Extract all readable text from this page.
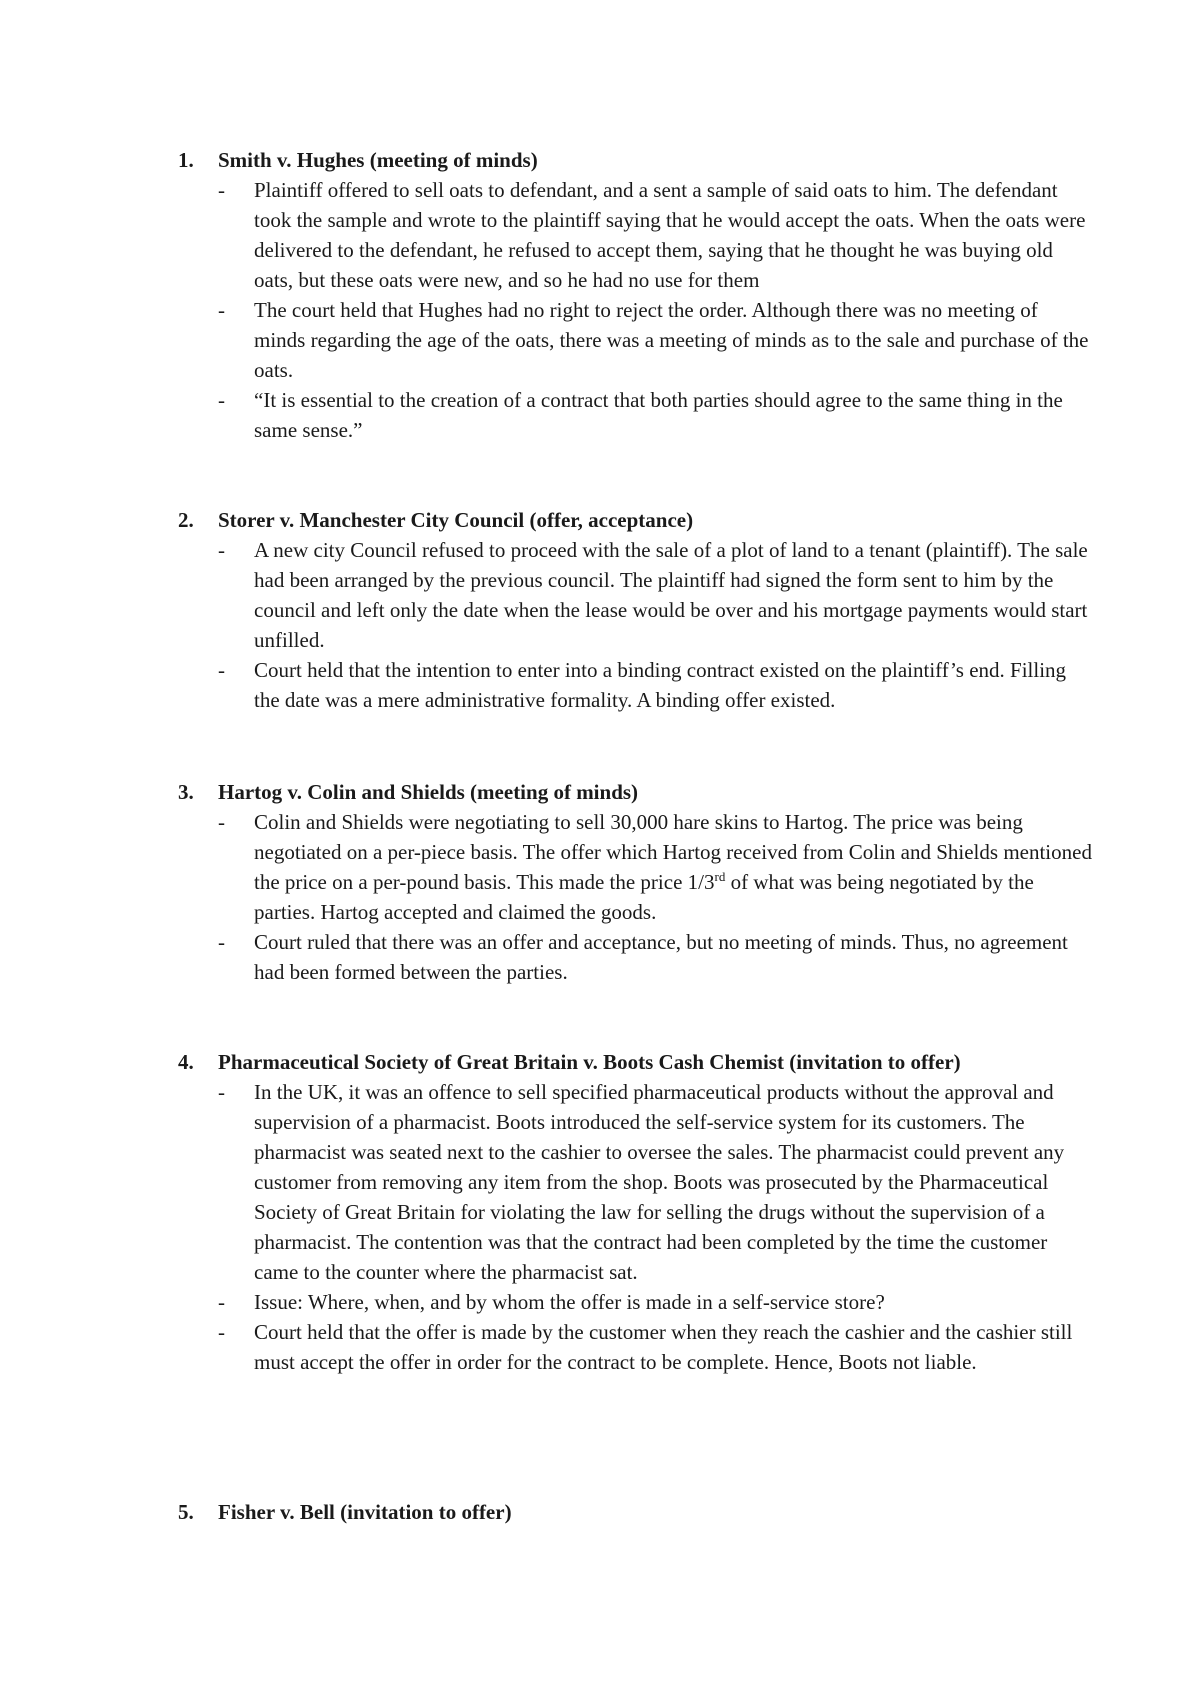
1. Smith v. Hughes (meeting of minds)
- Plaintiff offered to sell oats to defendant, and a sent a sample of said oats to him. The defendant took the sample and wrote to the plaintiff saying that he would accept the oats. When the oats were delivered to the defendant, he refused to accept them, saying that he thought he was buying old oats, but these oats were new, and so he had no use for them
- The court held that Hughes had no right to reject the order. Although there was no meeting of minds regarding the age of the oats, there was a meeting of minds as to the sale and purchase of the oats.
- “It is essential to the creation of a contract that both parties should agree to the same thing in the same sense.”
2. Storer v. Manchester City Council (offer, acceptance)
- A new city Council refused to proceed with the sale of a plot of land to a tenant (plaintiff). The sale had been arranged by the previous council. The plaintiff had signed the form sent to him by the council and left only the date when the lease would be over and his mortgage payments would start unfilled.
- Court held that the intention to enter into a binding contract existed on the plaintiff’s end. Filling the date was a mere administrative formality. A binding offer existed.
3. Hartog v. Colin and Shields (meeting of minds)
- Colin and Shields were negotiating to sell 30,000 hare skins to Hartog. The price was being negotiated on a per-piece basis. The offer which Hartog received from Colin and Shields mentioned the price on a per-pound basis. This made the price 1/3rd of what was being negotiated by the parties. Hartog accepted and claimed the goods.
- Court ruled that there was an offer and acceptance, but no meeting of minds. Thus, no agreement had been formed between the parties.
4. Pharmaceutical Society of Great Britain v. Boots Cash Chemist (invitation to offer)
- In the UK, it was an offence to sell specified pharmaceutical products without the approval and supervision of a pharmacist. Boots introduced the self-service system for its customers. The pharmacist was seated next to the cashier to oversee the sales. The pharmacist could prevent any customer from removing any item from the shop. Boots was prosecuted by the Pharmaceutical Society of Great Britain for violating the law for selling the drugs without the supervision of a pharmacist. The contention was that the contract had been completed by the time the customer came to the counter where the pharmacist sat.
- Issue: Where, when, and by whom the offer is made in a self-service store?
- Court held that the offer is made by the customer when they reach the cashier and the cashier still must accept the offer in order for the contract to be complete. Hence, Boots not liable.
5. Fisher v. Bell (invitation to offer)
